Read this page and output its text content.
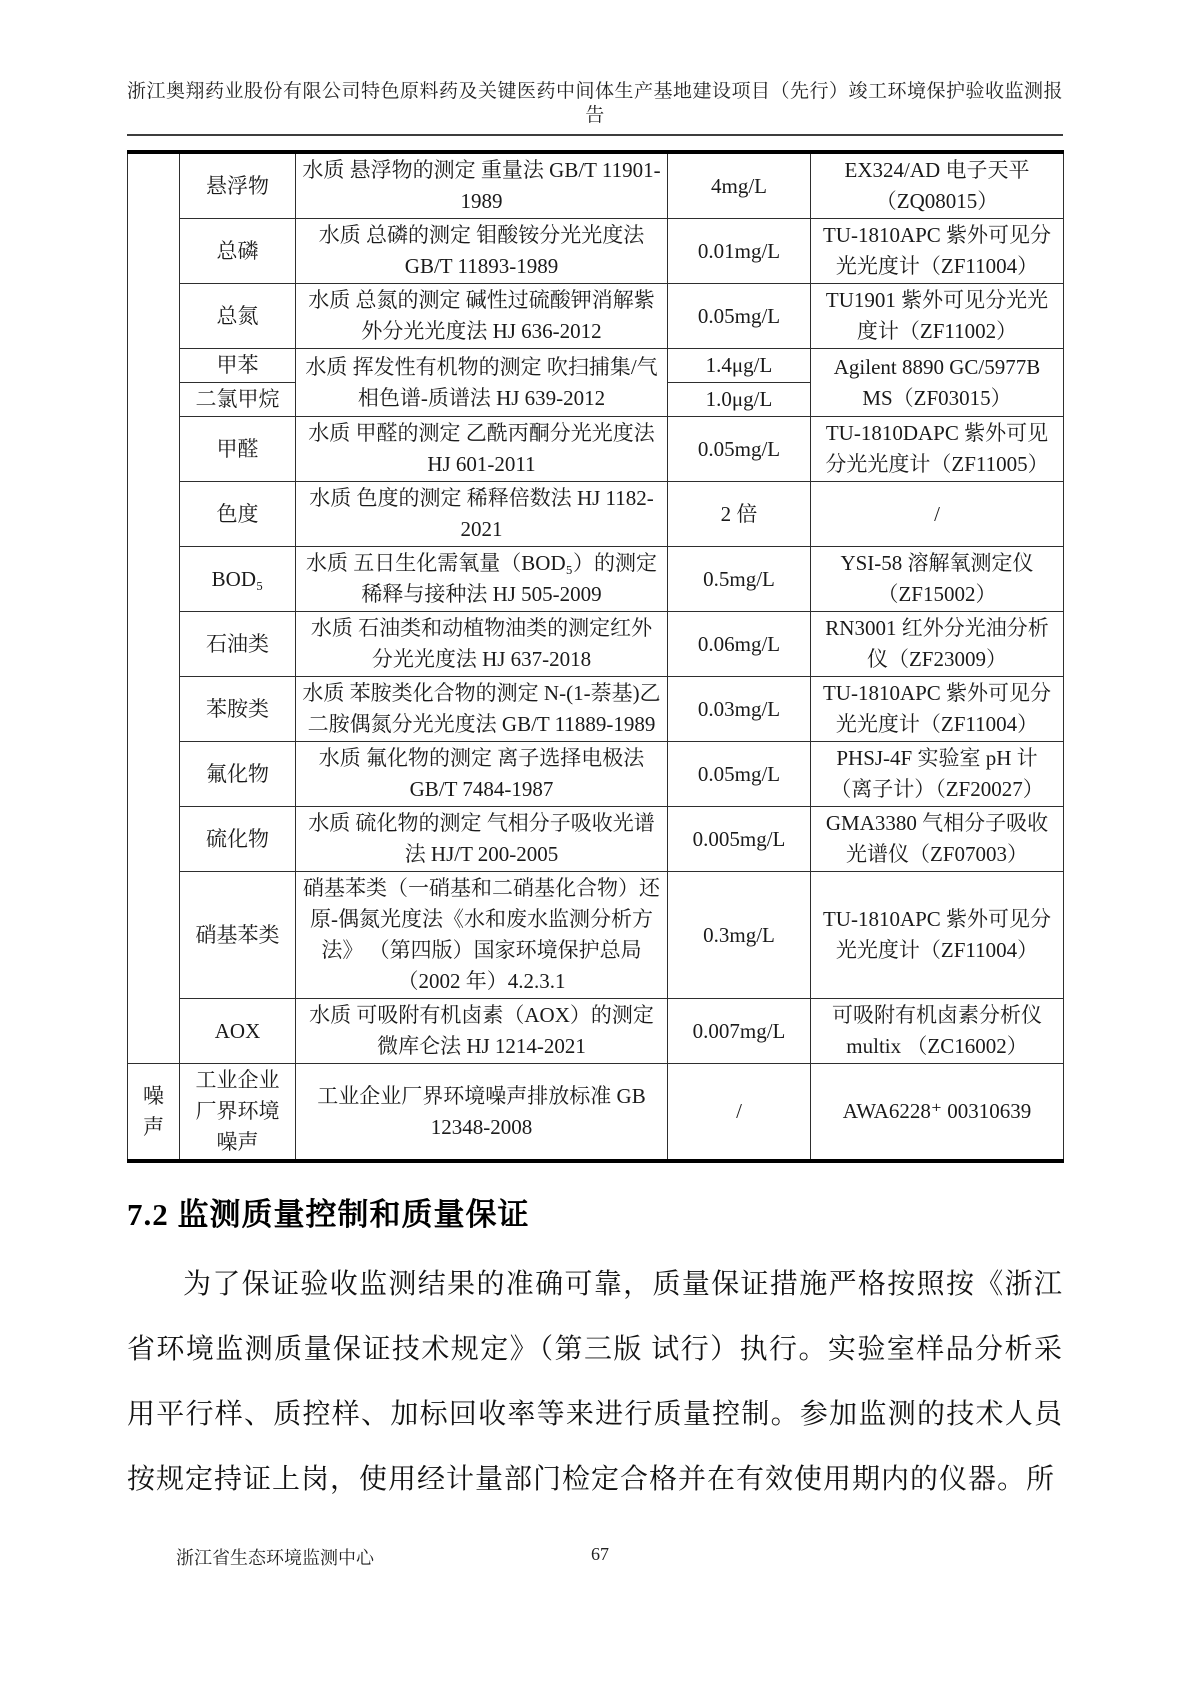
浙江奥翔药业股份有限公司特色原料药及关键医药中间体生产基地建设项目（先行）竣工环境保护验收监测报告
	悬浮物	水质 悬浮物的测定 重量法 GB/T 11901-1989	4mg/L	EX324/AD 电子天平（ZQ08015）
	总磷	水质 总磷的测定 钼酸铵分光光度法 GB/T 11893-1989	0.01mg/L	TU-1810APC 紫外可见分光光度计（ZF11004）
	总氮	水质 总氮的测定 碱性过硫酸钾消解紫外分光光度法 HJ 636-2012	0.05mg/L	TU1901 紫外可见分光光度计（ZF11002）
	甲苯	水质 挥发性有机物的测定 吹扫捕集/气相色谱-质谱法 HJ 639-2012	1.4μg/L	Agilent 8890 GC/5977B MS（ZF03015）
	二氯甲烷		1.0μg/L	
	甲醛	水质 甲醛的测定 乙酰丙酮分光光度法 HJ 601-2011	0.05mg/L	TU-1810DAPC 紫外可见分光光度计（ZF11005）
	色度	水质 色度的测定 稀释倍数法 HJ 1182-2021	2 倍	/
	BOD₅	水质 五日生化需氧量（BOD₅）的测定 稀释与接种法 HJ 505-2009	0.5mg/L	YSI-58 溶解氧测定仪（ZF15002）
	石油类	水质 石油类和动植物油类的测定红外分光光度法 HJ 637-2018	0.06mg/L	RN3001 红外分光油分析仪（ZF23009）
	苯胺类	水质 苯胺类化合物的测定 N-(1-萘基)乙二胺偶氮分光光度法 GB/T 11889-1989	0.03mg/L	TU-1810APC 紫外可见分光光度计（ZF11004）
	氟化物	水质 氟化物的测定 离子选择电极法 GB/T 7484-1987	0.05mg/L	PHSJ-4F 实验室 pH 计（离子计）（ZF20027）
	硫化物	水质 硫化物的测定 气相分子吸收光谱法 HJ/T 200-2005	0.005mg/L	GMA3380 气相分子吸收光谱仪（ZF07003）
	硝基苯类	硝基苯类（一硝基和二硝基化合物）还原-偶氮光度法《水和废水监测分析方法》 （第四版）国家环境保护总局（2002 年）4.2.3.1	0.3mg/L	TU-1810APC 紫外可见分光光度计（ZF11004）
	AOX	水质 可吸附有机卤素（AOX）的测定 微库仑法 HJ 1214-2021	0.007mg/L	可吸附有机卤素分析仪 multix （ZC16002）
噪声	工业企业厂界环境噪声	工业企业厂界环境噪声排放标准 GB 12348-2008	/	AWA6228⁺ 00310639
7.2 监测质量控制和质量保证

为了保证验收监测结果的准确可靠，质量保证措施严格按照按《浙江省环境监测质量保证技术规定》（第三版 试行）执行。实验室样品分析采用平行样、质控样、加标回收率等来进行质量控制。参加监测的技术人员按规定持证上岗，使用经计量部门检定合格并在有效使用期内的仪器。所

浙江省生态环境监测中心	67
